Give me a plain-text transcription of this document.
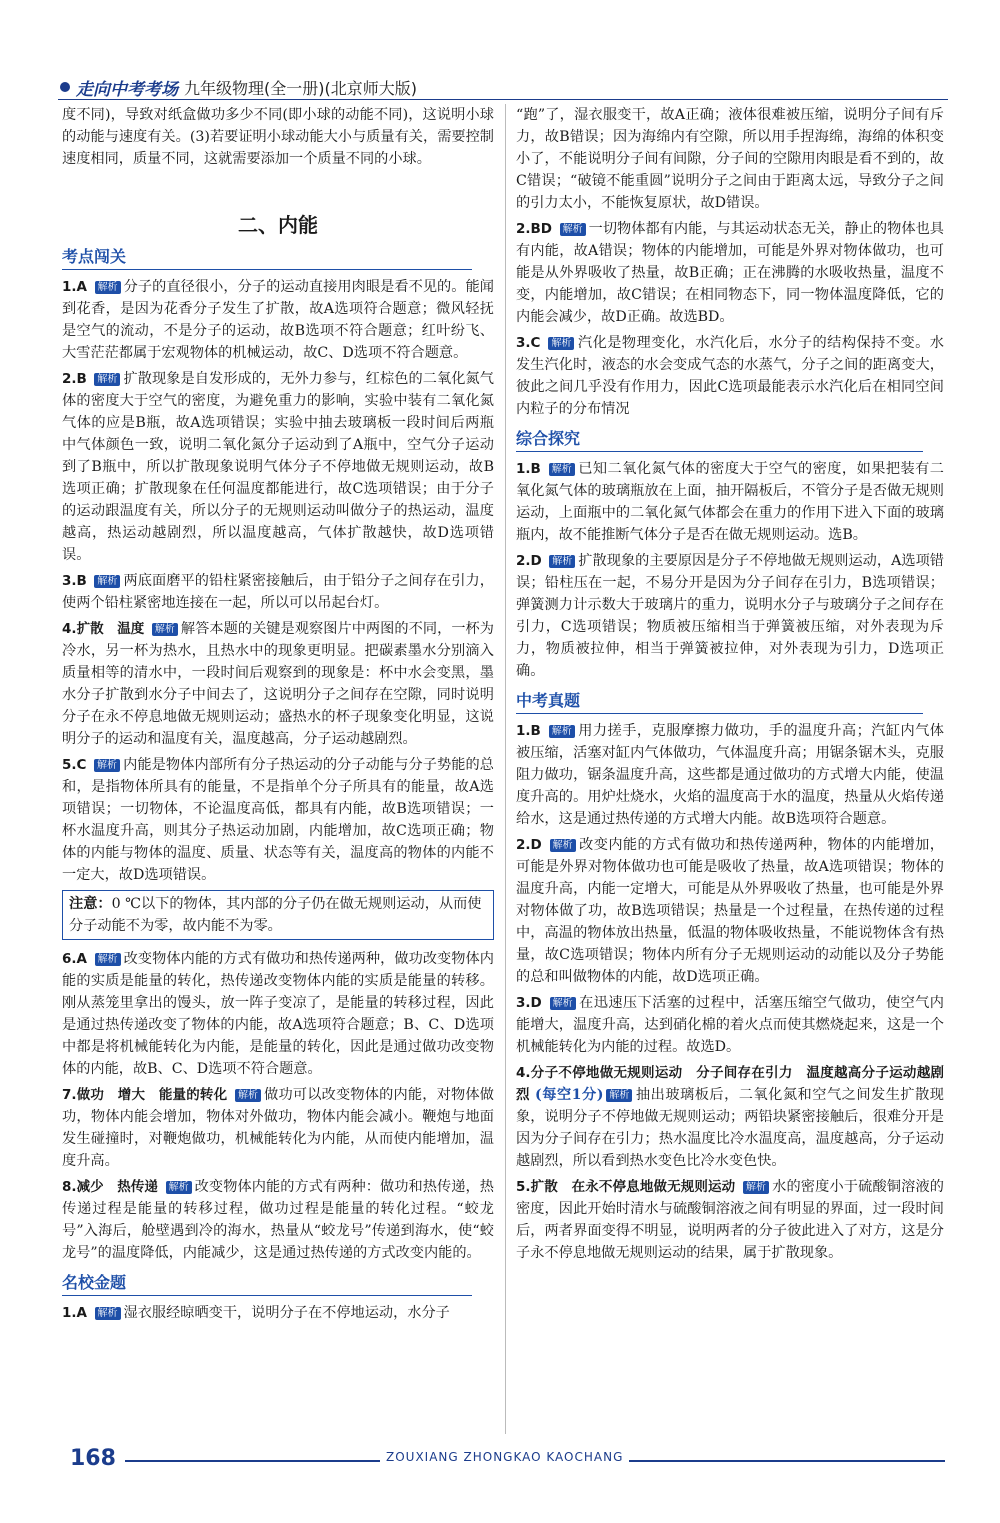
走向中考考场 九年级物理(全一册)(北京师大版)

度不同)，导致对纸盒做功多少不同(即小球的动能不同)，这说明小球的动能与速度有关。(3)若要证明小球动能大小与质量有关，需要控制速度相同，质量不同，这就需要添加一个质量不同的小球。

二、内能
考点闯关
1.A 解析 分子的直径很小，分子的运动直接用肉眼是看不见的。能闻到花香，是因为花香分子发生了扩散，故A选项符合题意；微风轻抚是空气的流动，不是分子的运动，故B选项不符合题意；红叶纷飞、大雪茫茫都属于宏观物体的机械运动，故C、D选项不符合题意。
2.B 解析 扩散现象是自发形成的，无外力参与，红棕色的二氧化氮气体的密度大于空气的密度，为避免重力的影响，实验中装有二氧化氮气体的应是B瓶，故A选项错误；实验中抽去玻璃板一段时间后两瓶中气体颜色一致，说明二氧化氮分子运动到了A瓶中，空气分子运动到了B瓶中，所以扩散现象说明气体分子不停地做无规则运动，故B选项正确；扩散现象在任何温度都能进行，故C选项错误；由于分子的运动跟温度有关，所以分子的无规则运动叫做分子的热运动，温度越高，热运动越剧烈，所以温度越高，气体扩散越快，故D选项错误。
3.B 解析 两底面磨平的铅柱紧密接触后，由于铅分子之间存在引力，使两个铅柱紧密地连接在一起，所以可以吊起台灯。
4.扩散　温度 解析 解答本题的关键是观察图片中两图的不同，一杯为冷水，另一杯为热水，且热水中的现象更明显。把碳素墨水分别滴入质量相等的清水中，一段时间后观察到的现象是：杯中水会变黑，墨水分子扩散到水分子中间去了，这说明分子之间存在空隙，同时说明分子在永不停息地做无规则运动；盛热水的杯子现象变化明显，这说明分子的运动和温度有关，温度越高，分子运动越剧烈。
5.C 解析 内能是物体内部所有分子热运动的分子动能与分子势能的总和，是指物体所具有的能量，不是指单个分子所具有的能量，故A选项错误；一切物体，不论温度高低，都具有内能，故B选项错误；一杯水温度升高，则其分子热运动加剧，内能增加，故C选项正确；物体的内能与物体的温度、质量、状态等有关，温度高的物体的内能不一定大，故D选项错误。
注意：0 ℃以下的物体，其内部的分子仍在做无规则运动，从而使分子动能不为零，故内能不为零。
6.A 解析 改变物体内能的方式有做功和热传递两种，做功改变物体内能的实质是能量的转化，热传递改变物体内能的实质是能量的转移。刚从蒸笼里拿出的馒头，放一阵子变凉了，是能量的转移过程，因此是通过热传递改变了物体的内能，故A选项符合题意；B、C、D选项中都是将机械能转化为内能，是能量的转化，因此是通过做功改变物体的内能，故B、C、D选项不符合题意。
7.做功　增大　能量的转化 解析 做功可以改变物体的内能，对物体做功，物体内能会增加，物体对外做功，物体内能会减小。鞭炮与地面发生碰撞时，对鞭炮做功，机械能转化为内能，从而使内能增加，温度升高。
8.减少　热传递 解析 改变物体内能的方式有两种：做功和热传递，热传递过程是能量的转移过程，做功过程是能量的转化过程。“蛟龙号”入海后，舱壁遇到冷的海水，热量从“蛟龙号”传递到海水，使“蛟龙号”的温度降低，内能减少，这是通过热传递的方式改变内能的。
名校金题
1.A 解析 湿衣服经晾晒变干，说明分子在不停地运动，水分子

“跑”了，湿衣服变干，故A正确；液体很难被压缩，说明分子间有斥力，故B错误；因为海绵内有空隙，所以用手捏海绵，海绵的体积变小了，不能说明分子间有间隙，分子间的空隙用肉眼是看不到的，故C错误；“破镜不能重圆”说明分子之间由于距离太远，导致分子之间的引力太小，不能恢复原状，故D错误。

2.BD 解析 一切物体都有内能，与其运动状态无关，静止的物体也具有内能，故A错误；物体的内能增加，可能是外界对物体做功，也可能是从外界吸收了热量，故B正确；正在沸腾的水吸收热量，温度不变，内能增加，故C错误；在相同物态下，同一物体温度降低，它的内能会减少，故D正确。故选BD。
3.C 解析 汽化是物理变化，水汽化后，水分子的结构保持不变。水发生汽化时，液态的水会变成气态的水蒸气，分子之间的距离变大，彼此之间几乎没有作用力，因此C选项最能表示水汽化后在相同空间内粒子的分布情况
综合探究
1.B 解析 已知二氧化氮气体的密度大于空气的密度，如果把装有二氧化氮气体的玻璃瓶放在上面，抽开隔板后，不管分子是否做无规则运动，上面瓶中的二氧化氮气体都会在重力的作用下进入下面的玻璃瓶内，故不能推断气体分子是否在做无规则运动。选B。
2.D 解析 扩散现象的主要原因是分子不停地做无规则运动，A选项错误；铅柱压在一起，不易分开是因为分子间存在引力，B选项错误；弹簧测力计示数大于玻璃片的重力，说明水分子与玻璃分子之间存在引力，C选项错误；物质被压缩相当于弹簧被压缩，对外表现为斥力，物质被拉伸，相当于弹簧被拉伸，对外表现为引力，D选项正确。
中考真题
1.B 解析 用力搓手，克服摩擦力做功，手的温度升高；汽缸内气体被压缩，活塞对缸内气体做功，气体温度升高；用锯条锯木头，克服阻力做功，锯条温度升高，这些都是通过做功的方式增大内能，使温度升高的。用炉灶烧水，火焰的温度高于水的温度，热量从火焰传递给水，这是通过热传递的方式增大内能。故B选项符合题意。
2.D 解析 改变内能的方式有做功和热传递两种，物体的内能增加，可能是外界对物体做功也可能是吸收了热量，故A选项错误；物体的温度升高，内能一定增大，可能是从外界吸收了热量，也可能是外界对物体做了功，故B选项错误；热量是一个过程量，在热传递的过程中，高温的物体放出热量，低温的物体吸收热量，不能说物体含有热量，故C选项错误；物体内所有分子无规则运动的动能以及分子势能的总和叫做物体的内能，故D选项正确。
3.D 解析 在迅速压下活塞的过程中，活塞压缩空气做功，使空气内能增大，温度升高，达到硝化棉的着火点而使其燃烧起来，这是一个机械能转化为内能的过程。故选D。
4.分子不停地做无规则运动　分子间存在引力　温度越高分子运动越剧烈 (每空1分) 解析 抽出玻璃板后，二氧化氮和空气之间发生扩散现象，说明分子不停地做无规则运动；两铅块紧密接触后，很难分开是因为分子间存在引力；热水温度比冷水温度高，温度越高，分子运动越剧烈，所以看到热水变色比冷水变色快。
5.扩散　在永不停息地做无规则运动 解析 水的密度小于硫酸铜溶液的密度，因此开始时清水与硫酸铜溶液之间有明显的界面，过一段时间后，两者界面变得不明显，说明两者的分子彼此进入了对方，这是分子永不停息地做无规则运动的结果，属于扩散现象。
168	ZOUXIANG ZHONGKAO KAOCHANG
